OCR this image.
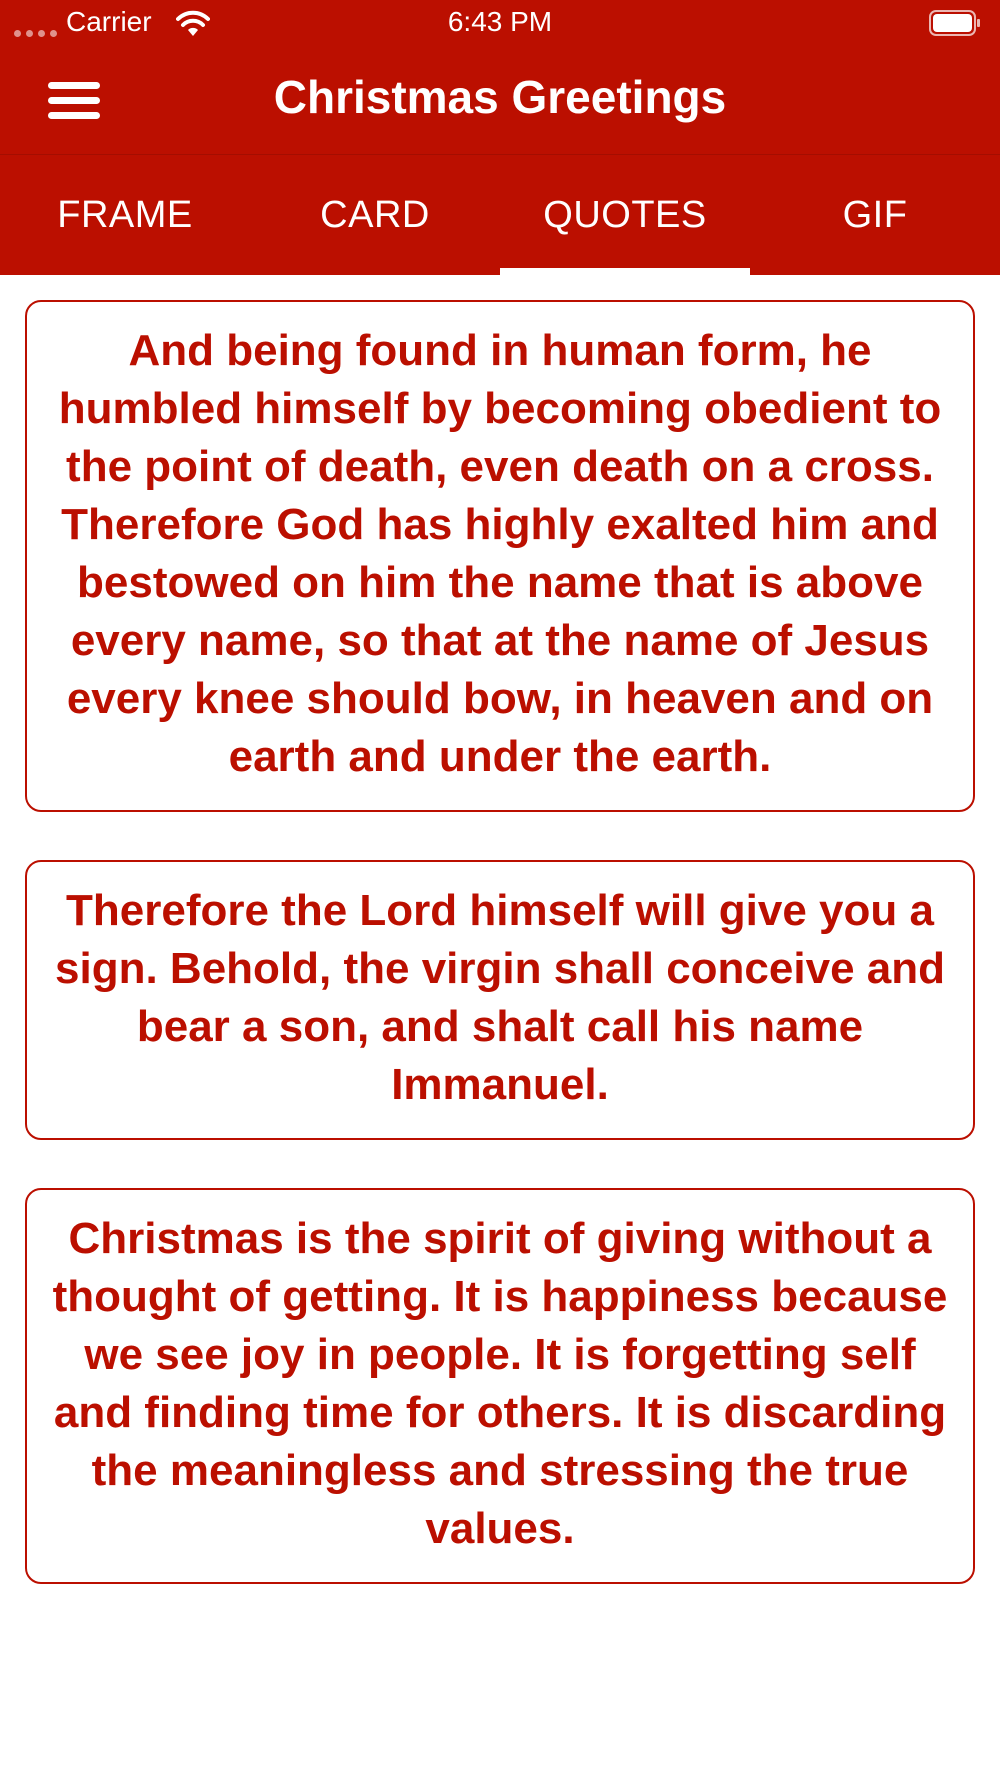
Carrier	6:43 PM
Christmas Greetings
FRAME	CARD	QUOTES	GIF
And being found in human form, he humbled himself by becoming obedient to the point of death, even death on a cross. Therefore God has highly exalted him and bestowed on him the name that is above every name, so that at the name of Jesus every knee should bow, in heaven and on earth and under the earth.
Therefore the Lord himself will give you a sign. Behold, the virgin shall conceive and bear a son, and shalt call his name Immanuel.
Christmas is the spirit of giving without a thought of getting. It is happiness because we see joy in people. It is forgetting self and finding time for others. It is discarding the meaningless and stressing the true values.
